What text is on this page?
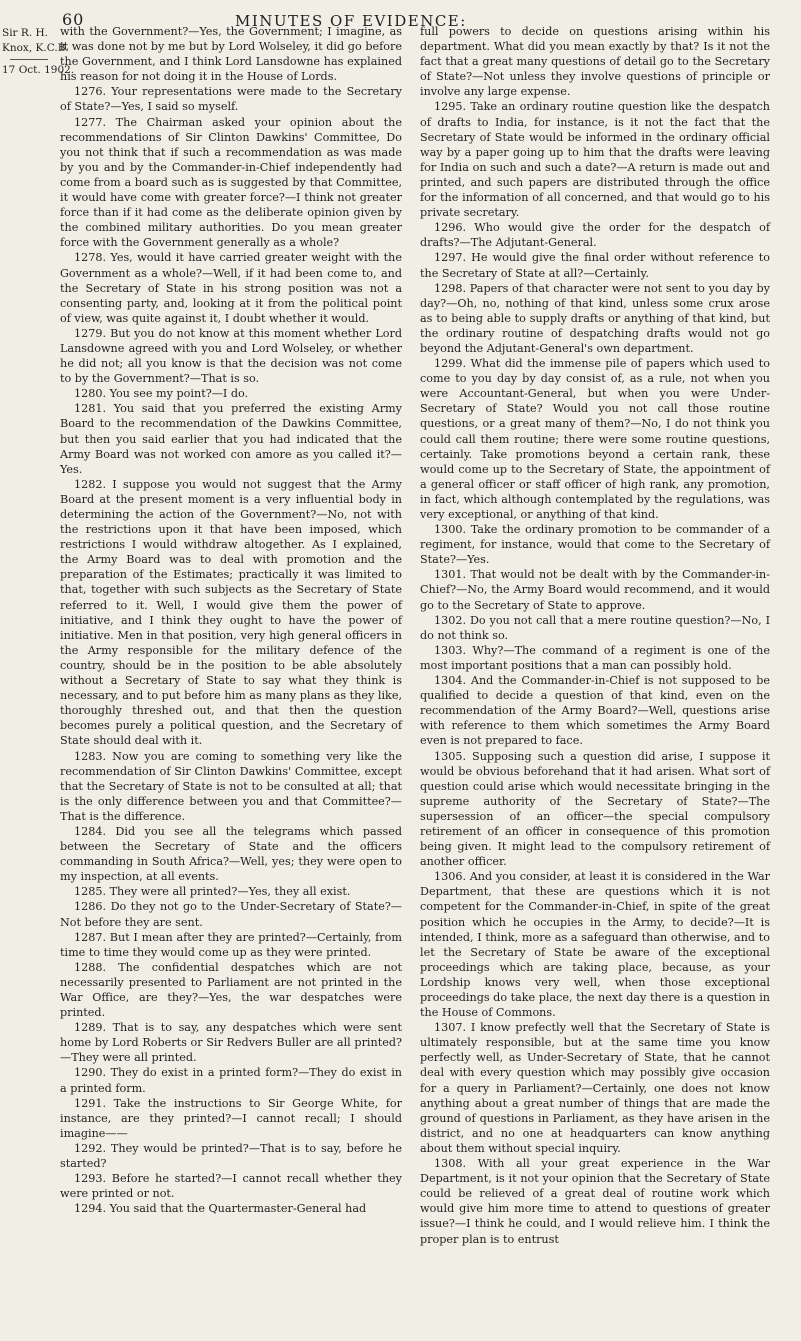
60	MINUTES OF EVIDENCE:
Sir R. H.
Knox, K.C.B.
17 Oct. 1902.

with the Government?—Yes, the Government; I imagine, as it was done not by me but by Lord Wolseley, it did go before the Government, and I think Lord Lansdowne has explained his reason for not doing it in the House of Lords.

1276. Your representations were made to the Secretary of State?—Yes, I said so myself.

1277. The Chairman asked your opinion about the recommendations of Sir Clinton Dawkins' Committee, Do you not think that if such a recommendation as was made by you and by the Commander-in-Chief independently had come from a board such as is suggested by that Committee, it would have come with greater force?—I think not greater force than if it had come as the deliberate opinion given by the combined military authorities. Do you mean greater force with the Government generally as a whole?

1278. Yes, would it have carried greater weight with the Government as a whole?—Well, if it had been come to, and the Secretary of State in his strong position was not a consenting party, and, looking at it from the political point of view, was quite against it, I doubt whether it would.

1279. But you do not know at this moment whether Lord Lansdowne agreed with you and Lord Wolseley, or whether he did not; all you know is that the decision was not come to by the Government?—That is so.

1280. You see my point?—I do.

1281. You said that you preferred the existing Army Board to the recommendation of the Dawkins Committee, but then you said earlier that you had indicated that the Army Board was not worked con amore as you called it?—Yes.

1282. I suppose you would not suggest that the Army Board at the present moment is a very influential body in determining the action of the Government?—No, not with the restrictions upon it that have been imposed, which restrictions I would withdraw altogether. As I explained, the Army Board was to deal with promotion and the preparation of the Estimates; practically it was limited to that, together with such subjects as the Secretary of State referred to it. Well, I would give them the power of initiative, and I think they ought to have the power of initiative. Men in that position, very high general officers in the Army responsible for the military defence of the country, should be in the position to be able absolutely without a Secretary of State to say what they think is necessary, and to put before him as many plans as they like, thoroughly threshed out, and that then the question becomes purely a political question, and the Secretary of State should deal with it.

1283. Now you are coming to something very like the recommendation of Sir Clinton Dawkins' Committee, except that the Secretary of State is not to be consulted at all; that is the only difference between you and that Committee?—That is the difference.

1284. Did you see all the telegrams which passed between the Secretary of State and the officers commanding in South Africa?—Well, yes; they were open to my inspection, at all events.

1285. They were all printed?—Yes, they all exist.

1286. Do they not go to the Under-Secretary of State?—Not before they are sent.

1287. But I mean after they are printed?—Certainly, from time to time they would come up as they were printed.

1288. The confidential despatches which are not necessarily presented to Parliament are not printed in the War Office, are they?—Yes, the war despatches were printed.

1289. That is to say, any despatches which were sent home by Lord Roberts or Sir Redvers Buller are all printed?—They were all printed.

1290. They do exist in a printed form?—They do exist in a printed form.

1291. Take the instructions to Sir George White, for instance, are they printed?—I cannot recall; I should imagine——

1292. They would be printed?—That is to say, before he started?

1293. Before he started?—I cannot recall whether they were printed or not.

1294. You said that the Quartermaster-General had

full powers to decide on questions arising within his department. What did you mean exactly by that? Is it not the fact that a great many questions of detail go to the Secretary of State?—Not unless they involve questions of principle or involve any large expense.

1295. Take an ordinary routine question like the despatch of drafts to India, for instance, is it not the fact that the Secretary of State would be informed in the ordinary official way by a paper going up to him that the drafts were leaving for India on such and such a date?—A return is made out and printed, and such papers are distributed through the office for the information of all concerned, and that would go to his private secretary.

1296. Who would give the order for the despatch of drafts?—The Adjutant-General.

1297. He would give the final order without reference to the Secretary of State at all?—Certainly.

1298. Papers of that character were not sent to you day by day?—Oh, no, nothing of that kind, unless some crux arose as to being able to supply drafts or anything of that kind, but the ordinary routine of despatching drafts would not go beyond the Adjutant-General's own department.

1299. What did the immense pile of papers which used to come to you day by day consist of, as a rule, not when you were Accountant-General, but when you were Under-Secretary of State? Would you not call those routine questions, or a great many of them?—No, I do not think you could call them routine; there were some routine questions, certainly. Take promotions beyond a certain rank, these would come up to the Secretary of State, the appointment of a general officer or staff officer of high rank, any promotion, in fact, which although contemplated by the regulations, was very exceptional, or anything of that kind.

1300. Take the ordinary promotion to be commander of a regiment, for instance, would that come to the Secretary of State?—Yes.

1301. That would not be dealt with by the Commander-in-Chief?—No, the Army Board would recommend, and it would go to the Secretary of State to approve.

1302. Do you not call that a mere routine question?—No, I do not think so.

1303. Why?—The command of a regiment is one of the most important positions that a man can possibly hold.

1304. And the Commander-in-Chief is not supposed to be qualified to decide a question of that kind, even on the recommendation of the Army Board?—Well, questions arise with reference to them which sometimes the Army Board even is not prepared to face.

1305. Supposing such a question did arise, I suppose it would be obvious beforehand that it had arisen. What sort of question could arise which would necessitate bringing in the supreme authority of the Secretary of State?—The supersession of an officer—the special compulsory retirement of an officer in consequence of this promotion being given. It might lead to the compulsory retirement of another officer.

1306. And you consider, at least it is considered in the War Department, that these are questions which it is not competent for the Commander-in-Chief, in spite of the great position which he occupies in the Army, to decide?—It is intended, I think, more as a safeguard than otherwise, and to let the Secretary of State be aware of the exceptional proceedings which are taking place, because, as your Lordship knows very well, when those exceptional proceedings do take place, the next day there is a question in the House of Commons.

1307. I know prefectly well that the Secretary of State is ultimately responsible, but at the same time you know perfectly well, as Under-Secretary of State, that he cannot deal with every question which may possibly give occasion for a query in Parliament?—Certainly, one does not know anything about a great number of things that are made the ground of questions in Parliament, as they have arisen in the district, and no one at headquarters can know anything about them without special inquiry.

1308. With all your great experience in the War Department, is it not your opinion that the Secretary of State could be relieved of a great deal of routine work which would give him more time to attend to questions of greater issue?—I think he could, and I would relieve him. I think the proper plan is to entrust
